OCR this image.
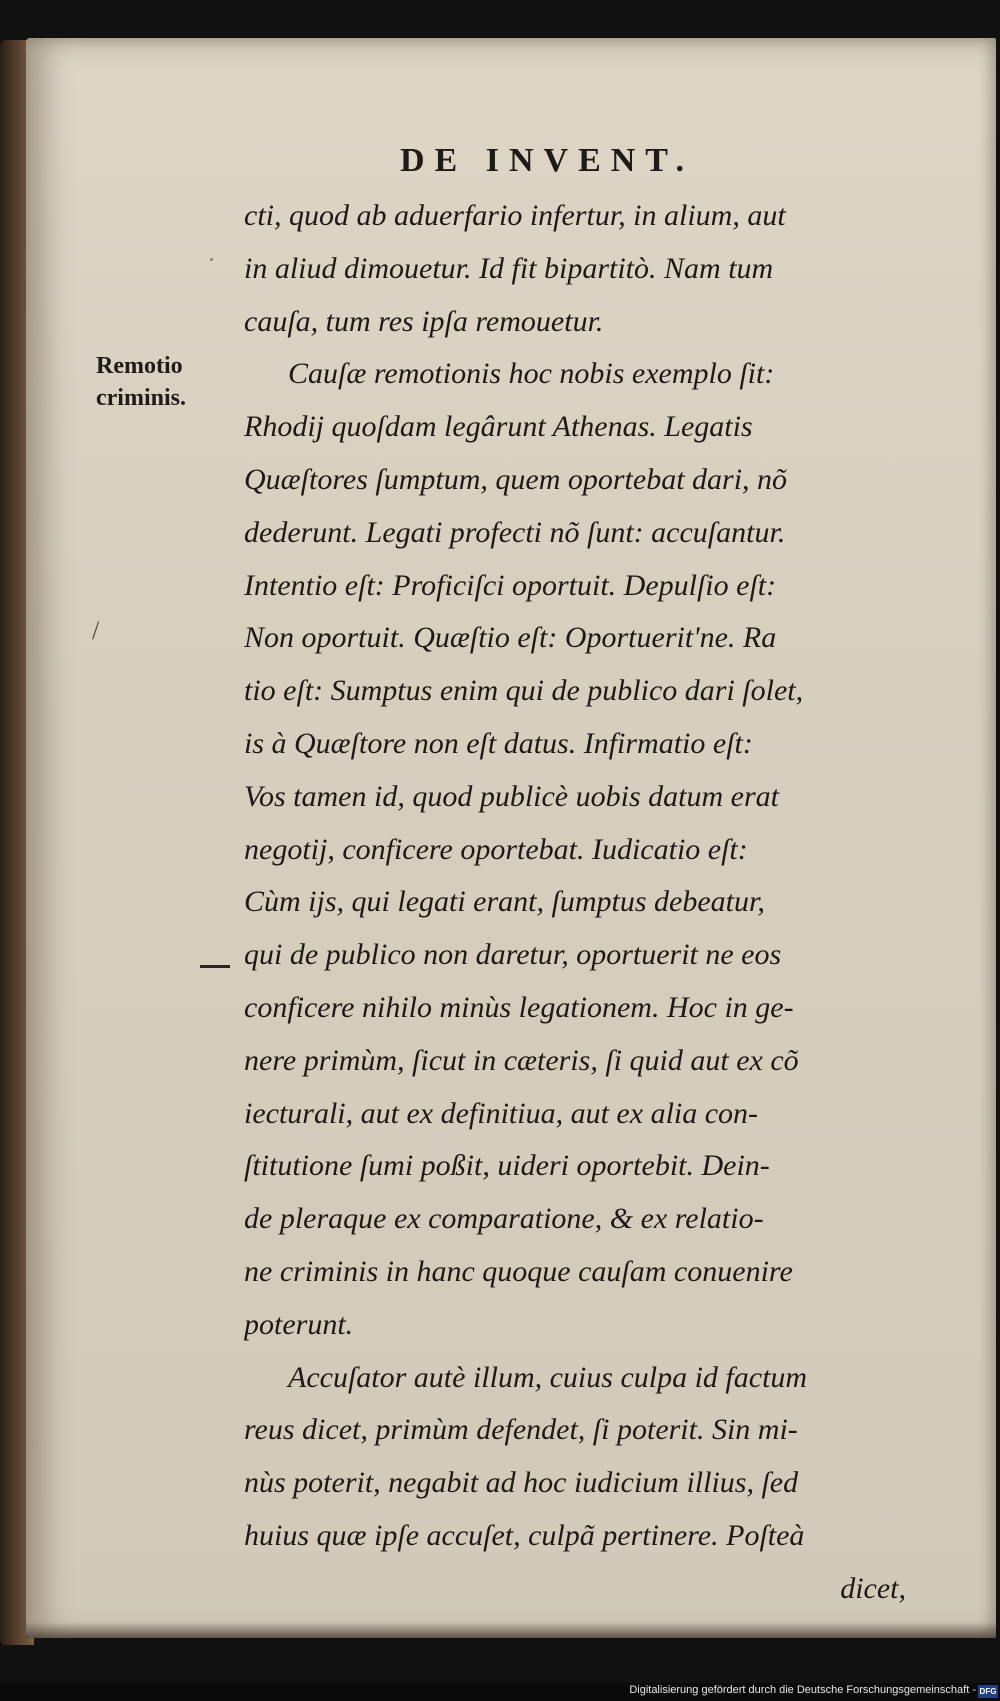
DE INVENT.
Remotio
criminis.
/
cti, quod ab aduerfario infertur, in alium, aut
in aliud dimouetur. Id fit bipartitò. Nam tum
cauſa, tum res ipſa remouetur.
Cauſæ remotionis hoc nobis exemplo ſit:
Rhodij quoſdam legârunt Athenas. Legatis
Quæſtores ſumptum, quem oportebat dari, nõ
dederunt. Legati profecti nõ ſunt: accuſantur.
Intentio eſt: Proficiſci oportuit. Depulſio eſt:
Non oportuit. Quæſtio eſt: Oportuerit'ne. Ra
tio eſt: Sumptus enim qui de publico dari ſolet,
is à Quæſtore non eſt datus. Infirmatio eſt:
Vos tamen id, quod publicè uobis datum erat
negotij, conficere oportebat. Iudicatio eſt:
Cùm ijs, qui legati erant, ſumptus debeatur,
qui de publico non daretur, oportuerit ne eos
conficere nihilo minùs legationem. Hoc in ge-
nere primùm, ſicut in cæteris, ſi quid aut ex cõ
iecturali, aut ex definitiua, aut ex alia con-
ſtitutione ſumi poßit, uideri oportebit. Dein-
de pleraque ex comparatione, & ex relatio-
ne criminis in hanc quoque cauſam conuenire
poterunt.
Accuſator autè illum, cuius culpa id factum
reus dicet, primùm defendet, ſi poterit. Sin mi-
nùs poterit, negabit ad hoc iudicium illius, ſed
huius quæ ipſe accuſet, culpã pertinere. Poſteà
dicet,
Digitalisierung gefördert durch die Deutsche Forschungsgemeinschaft - DFG
